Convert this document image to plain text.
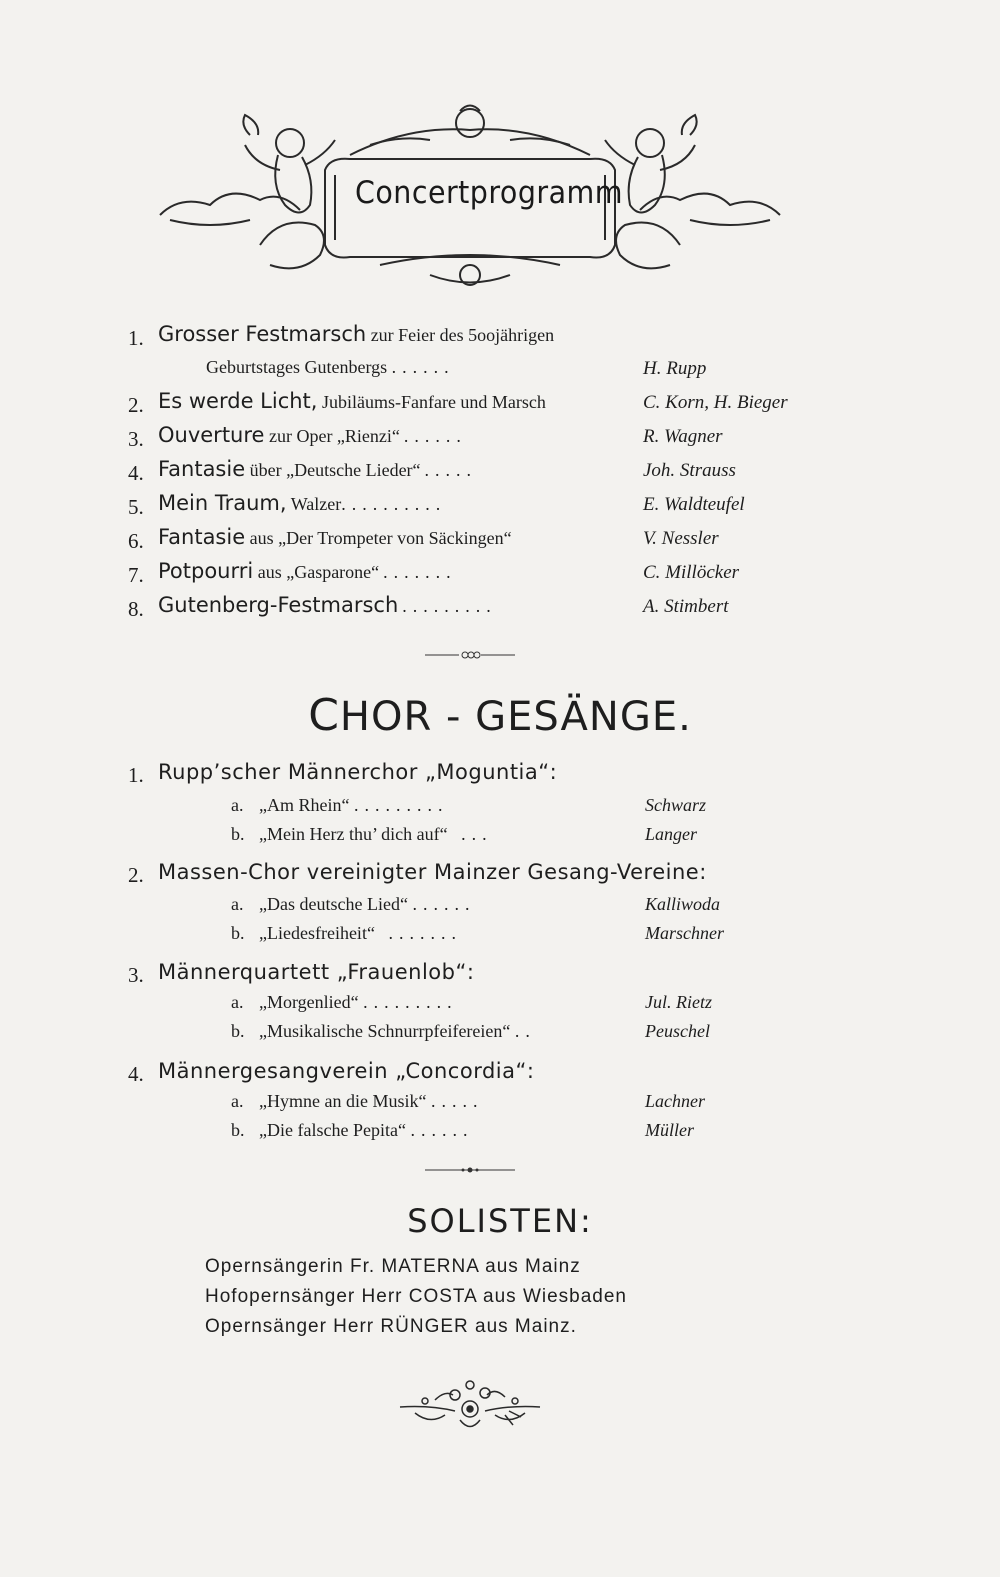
Concertprogramm
1. Grosser Festmarsch zur Feier des 5oojährigen
Geburtstages Gutenbergs ......	H. Rupp
2. Es werde Licht, Jubiläums-Fanfare und Marsch	C. Korn, H. Bieger
3. Ouverture zur Oper „Rienzi“ ......	R. Wagner
4. Fantasie über „Deutsche Lieder“ .....	Joh. Strauss
5. Mein Traum, Walzer..........	E. Waldteufel
6. Fantasie aus „Der Trompeter von Säckingen“	V. Nessler
7. Potpourri aus „Gasparone“ .......	C. Millöcker
8. Gutenberg-Festmarsch .........	A. Stimbert
CHOR - GESÄNGE.
1. Rupp’scher Männerchor „Moguntia“:
a. „Am Rhein“ .........	Schwarz
b. „Mein Herz thu’ dich auf“ ...	Langer
2. Massen-Chor vereinigter Mainzer Gesang-Vereine:
a. „Das deutsche Lied“ ......	Kalliwoda
b. „Liedesfreiheit“ .......	Marschner
3. Männerquartett „Frauenlob“:
a. „Morgenlied“ .........	Jul. Rietz
b. „Musikalische Schnurrpfeifereien“ ..	Peuschel
4. Männergesangverein „Concordia“:
a. „Hymne an die Musik“ .....	Lachner
b. „Die falsche Pepita“ ......	Müller
SOLISTEN:
Opernsängerin Fr. MATERNA aus Mainz
Hofopernsänger Herr COSTA aus Wiesbaden
Opernsänger Herr RÜNGER aus Mainz.
